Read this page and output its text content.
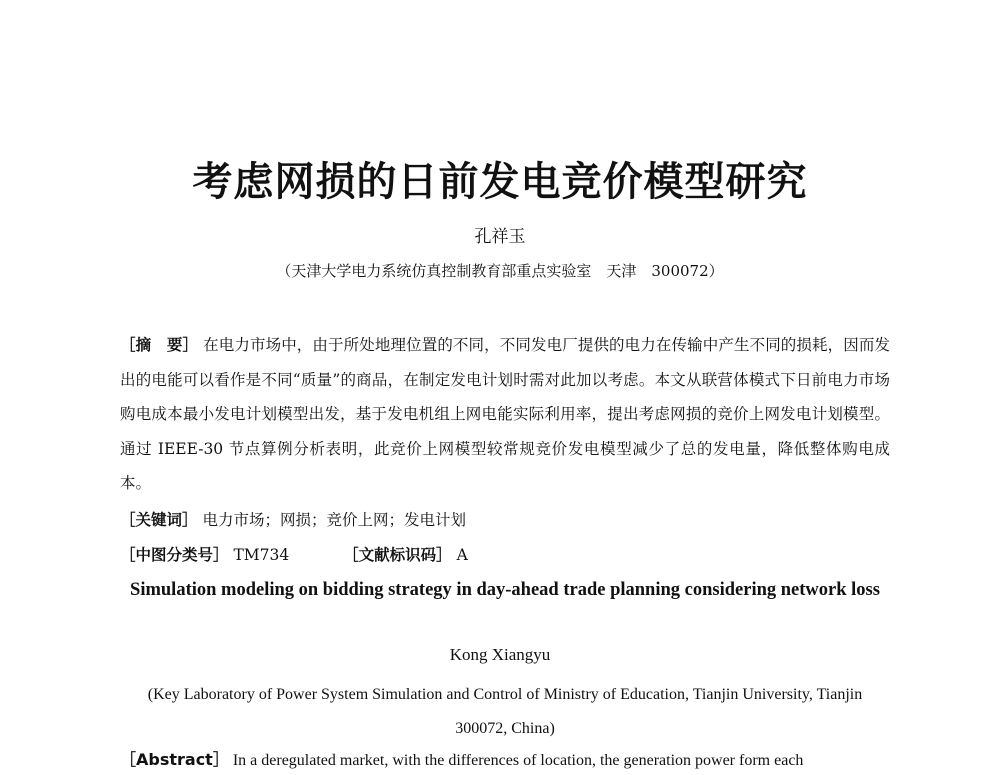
考虑网损的日前发电竞价模型研究
孔祥玉
（天津大学电力系统仿真控制教育部重点实验室　天津　300072）
［摘　要］ 在电力市场中，由于所处地理位置的不同，不同发电厂提供的电力在传输中产生不同的损耗，因而发出的电能可以看作是不同“质量”的商品，在制定发电计划时需对此加以考虑。本文从联营体模式下日前电力市场购电成本最小发电计划模型出发，基于发电机组上网电能实际利用率，提出考虑网损的竞价上网发电计划模型。通过 IEEE-30 节点算例分析表明，此竞价上网模型较常规竞价发电模型减少了总的发电量，降低整体购电成本。
［关键词］ 电力市场；网损；竞价上网；发电计划
［中图分类号］ TM734	［文献标识码］ A
Simulation modeling on bidding strategy in day-ahead trade planning considering network loss
Kong Xiangyu
(Key Laboratory of Power System Simulation and Control of Ministry of Education, Tianjin University, Tianjin 300072, China)
［Abstract］ In a deregulated market, with the differences of location, the generation power form each
